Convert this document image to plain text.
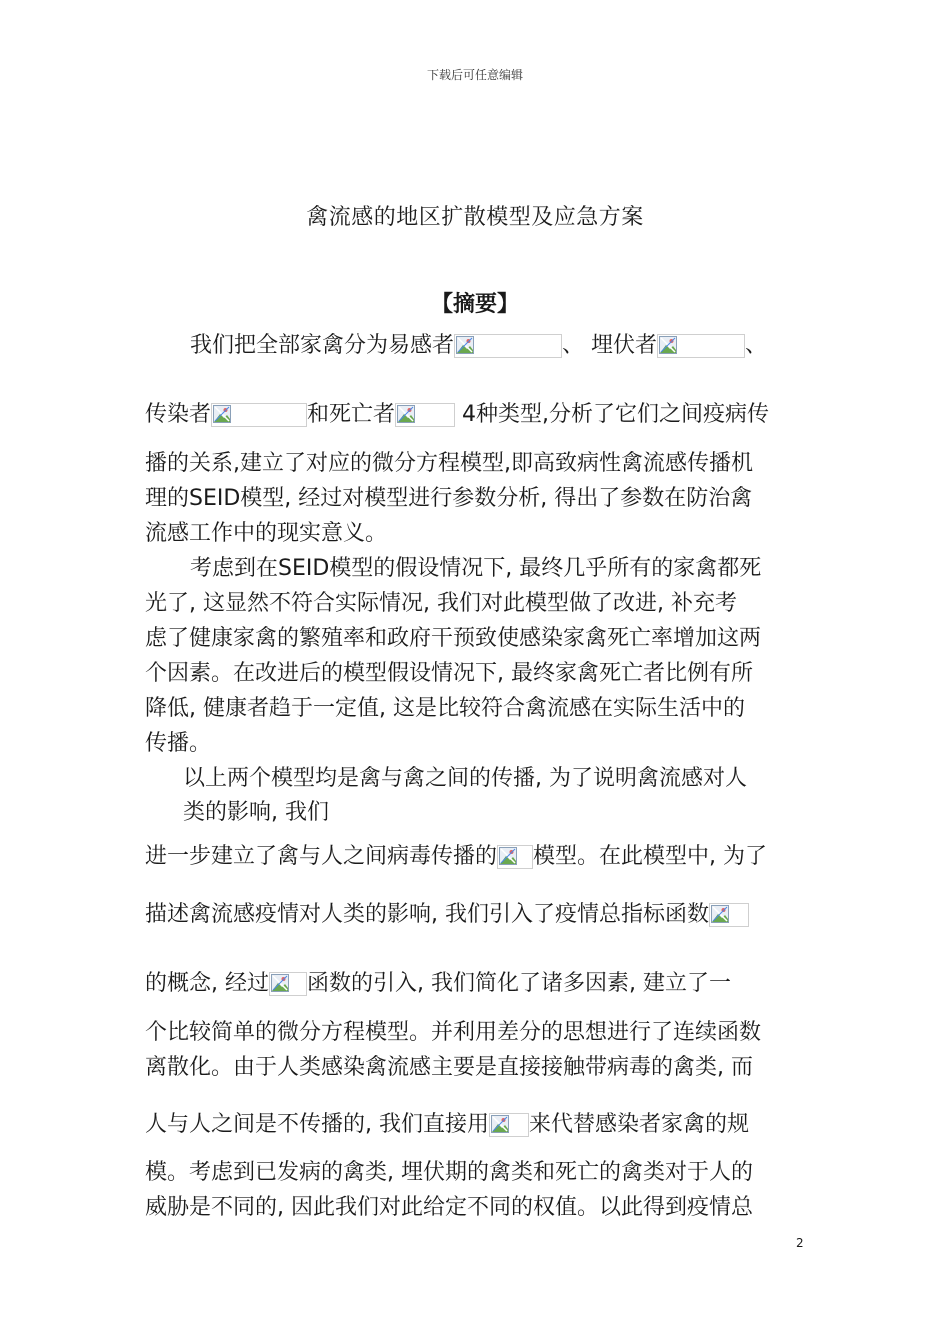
下载后可任意编辑
禽流感的地区扩散模型及应急方案
【摘要】
我们把全部家禽分为易感者	、 埋伏者	、
传染者	和死亡者	4种类型,分析了它们之间疫病传
播的关系,建立了对应的微分方程模型,即高致病性禽流感传播机
理的SEID模型, 经过对模型进行参数分析, 得出了参数在防治禽
流感工作中的现实意义。
考虑到在SEID模型的假设情况下, 最终几乎所有的家禽都死
光了, 这显然不符合实际情况, 我们对此模型做了改进, 补充考
虑了健康家禽的繁殖率和政府干预致使感染家禽死亡率增加这两
个因素。在改进后的模型假设情况下, 最终家禽死亡者比例有所
降低, 健康者趋于一定值, 这是比较符合禽流感在实际生活中的
传播。
以上两个模型均是禽与禽之间的传播, 为了说明禽流感对人
类的影响, 我们
进一步建立了禽与人之间病毒传播的 模型。在此模型中, 为了
描述禽流感疫情对人类的影响, 我们引入了疫情总指标函数
的概念, 经过 函数的引入, 我们简化了诸多因素, 建立了一
个比较简单的微分方程模型。并利用差分的思想进行了连续函数
离散化。由于人类感染禽流感主要是直接接触带病毒的禽类, 而
人与人之间是不传播的, 我们直接用 来代替感染者家禽的规
模。考虑到已发病的禽类, 埋伏期的禽类和死亡的禽类对于人的
威胁是不同的, 因此我们对此给定不同的权值。以此得到疫情总
2
